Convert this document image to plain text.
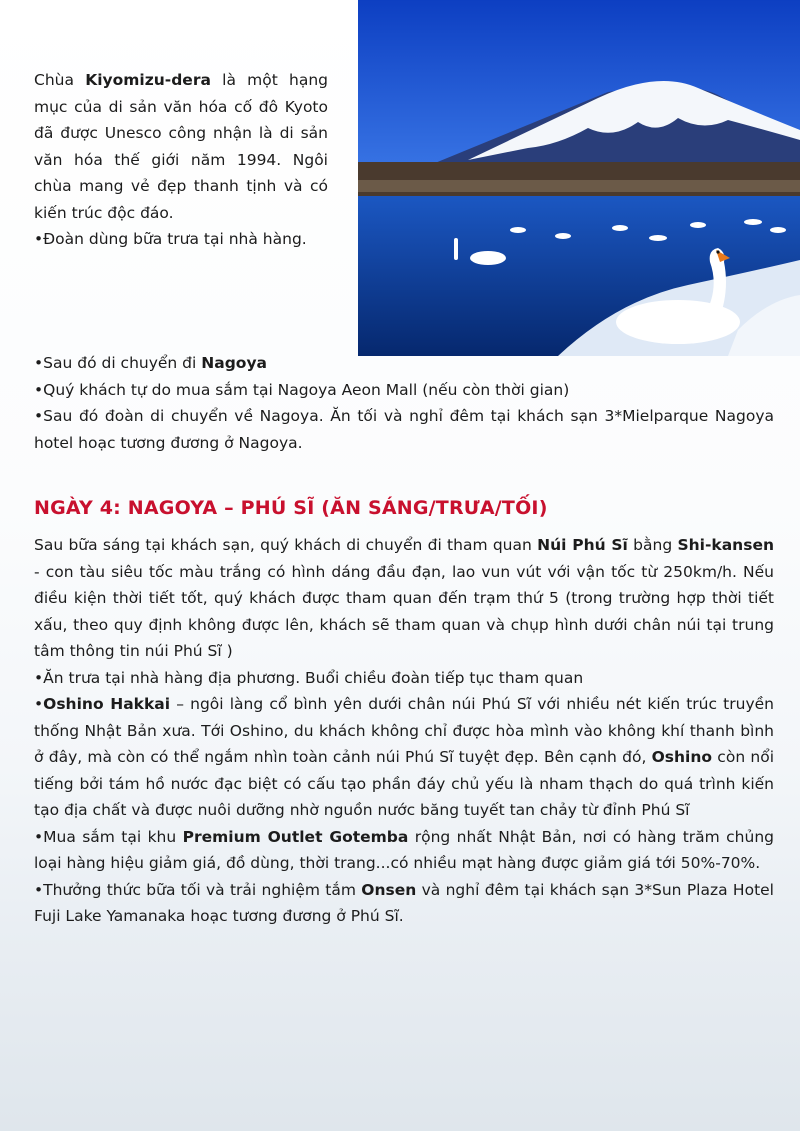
Chùa Kiyomizu-dera là một hạng mục của di sản văn hóa cố đô Kyoto đã được Unesco công nhận là di sản văn hóa thế giới năm 1994. Ngôi chùa mang vẻ đẹp thanh tịnh và có kiến trúc độc đáo.

•Đoàn dùng bữa trưa tại nhà hàng.

•Sau đó di chuyển đi Nagoya

•Quý khách tự do mua sắm tại Nagoya Aeon Mall (nếu còn thời gian)

•Sau đó đoàn di chuyển về Nagoya. Ăn tối và nghỉ đêm tại khách sạn 3*Mielparque Nagoya hotel hoạc tương đương ở Nagoya.

NGÀY 4: NAGOYA – PHÚ SĨ (ĂN SÁNG/TRƯA/TỐI)

Sau bữa sáng tại khách sạn, quý khách di chuyển đi tham quan Núi Phú Sĩ bằng Shi-kansen - con tàu siêu tốc màu trắng có hình dáng đầu đạn, lao vun vút với vận tốc từ 250km/h. Nếu điều kiện thời tiết tốt, quý khách được tham quan đến trạm thứ 5 (trong trường hợp thời tiết xấu, theo quy định không được lên, khách sẽ tham quan và chụp hình dưới chân núi tại trung tâm thông tin núi Phú Sĩ )

•Ăn trưa tại nhà hàng địa phương. Buổi chiều đoàn tiếp tục tham quan

•Oshino Hakkai – ngôi làng cổ bình yên dưới chân núi Phú Sĩ với nhiều nét kiến trúc truyền thống Nhật Bản xưa. Tới Oshino, du khách không chỉ được hòa mình vào không khí thanh bình ở đây, mà còn có thể ngắm nhìn toàn cảnh núi Phú Sĩ tuyệt đẹp. Bên cạnh đó, Oshino còn nổi tiếng bởi tám hồ nước đạc biệt có cấu tạo phần đáy chủ yếu là nham thạch do quá trình kiến tạo địa chất và được nuôi dưỡng nhờ nguồn nước băng tuyết tan chảy từ đỉnh Phú Sĩ

•Mua sắm tại khu Premium Outlet Gotemba rộng nhất Nhật Bản, nơi có hàng trăm chủng loại hàng hiệu giảm giá, đồ dùng, thời trang...có nhiều mạt hàng được giảm giá tới 50%-70%.

•Thưởng thức bữa tối và trải nghiệm tắm Onsen và nghỉ đêm tại khách sạn 3*Sun Plaza Hotel Fuji Lake Yamanaka hoạc tương đương ở Phú Sĩ.
